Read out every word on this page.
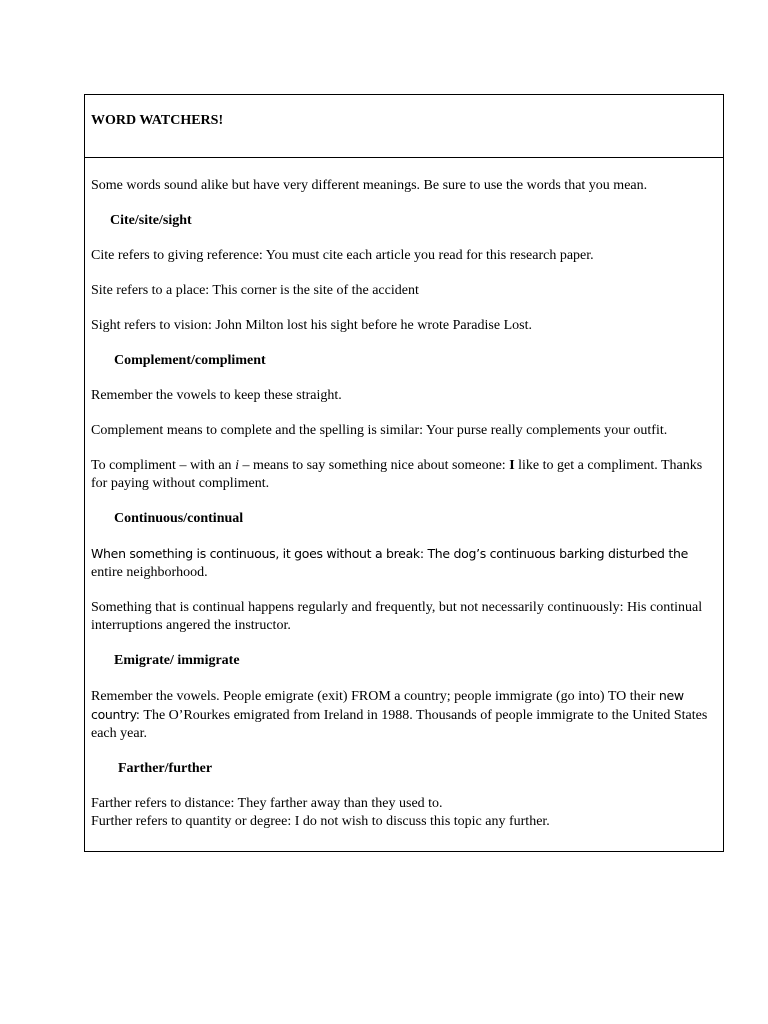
WORD WATCHERS!

Some words sound alike but have very different meanings. Be sure to use the words that you mean.

Cite/site/sight

Cite refers to giving reference: You must cite each article you read for this research paper.

Site refers to a place: This corner is the site of the accident

Sight refers to vision: John Milton lost his sight before he wrote Paradise Lost.

Complement/compliment

Remember the vowels to keep these straight.

Complement means to complete and the spelling is similar: Your purse really complements your outfit.

To compliment – with an i – means to say something nice about someone: I like to get a compliment. Thanks for paying without compliment.

Continuous/continual

When something is continuous, it goes without a break: The dog’s continuous barking disturbed the
entire neighborhood.

Something that is continual happens regularly and frequently, but not necessarily continuously: His continual interruptions angered the instructor.

Emigrate/ immigrate

Remember the vowels. People emigrate (exit) FROM a country; people immigrate (go into) TO their new country: The O’Rourkes emigrated from Ireland in 1988. Thousands of people immigrate to the United States each year.

Farther/further

Farther refers to distance: They farther away than they used to.

Further refers to quantity or degree: I do not wish to discuss this topic any further.
